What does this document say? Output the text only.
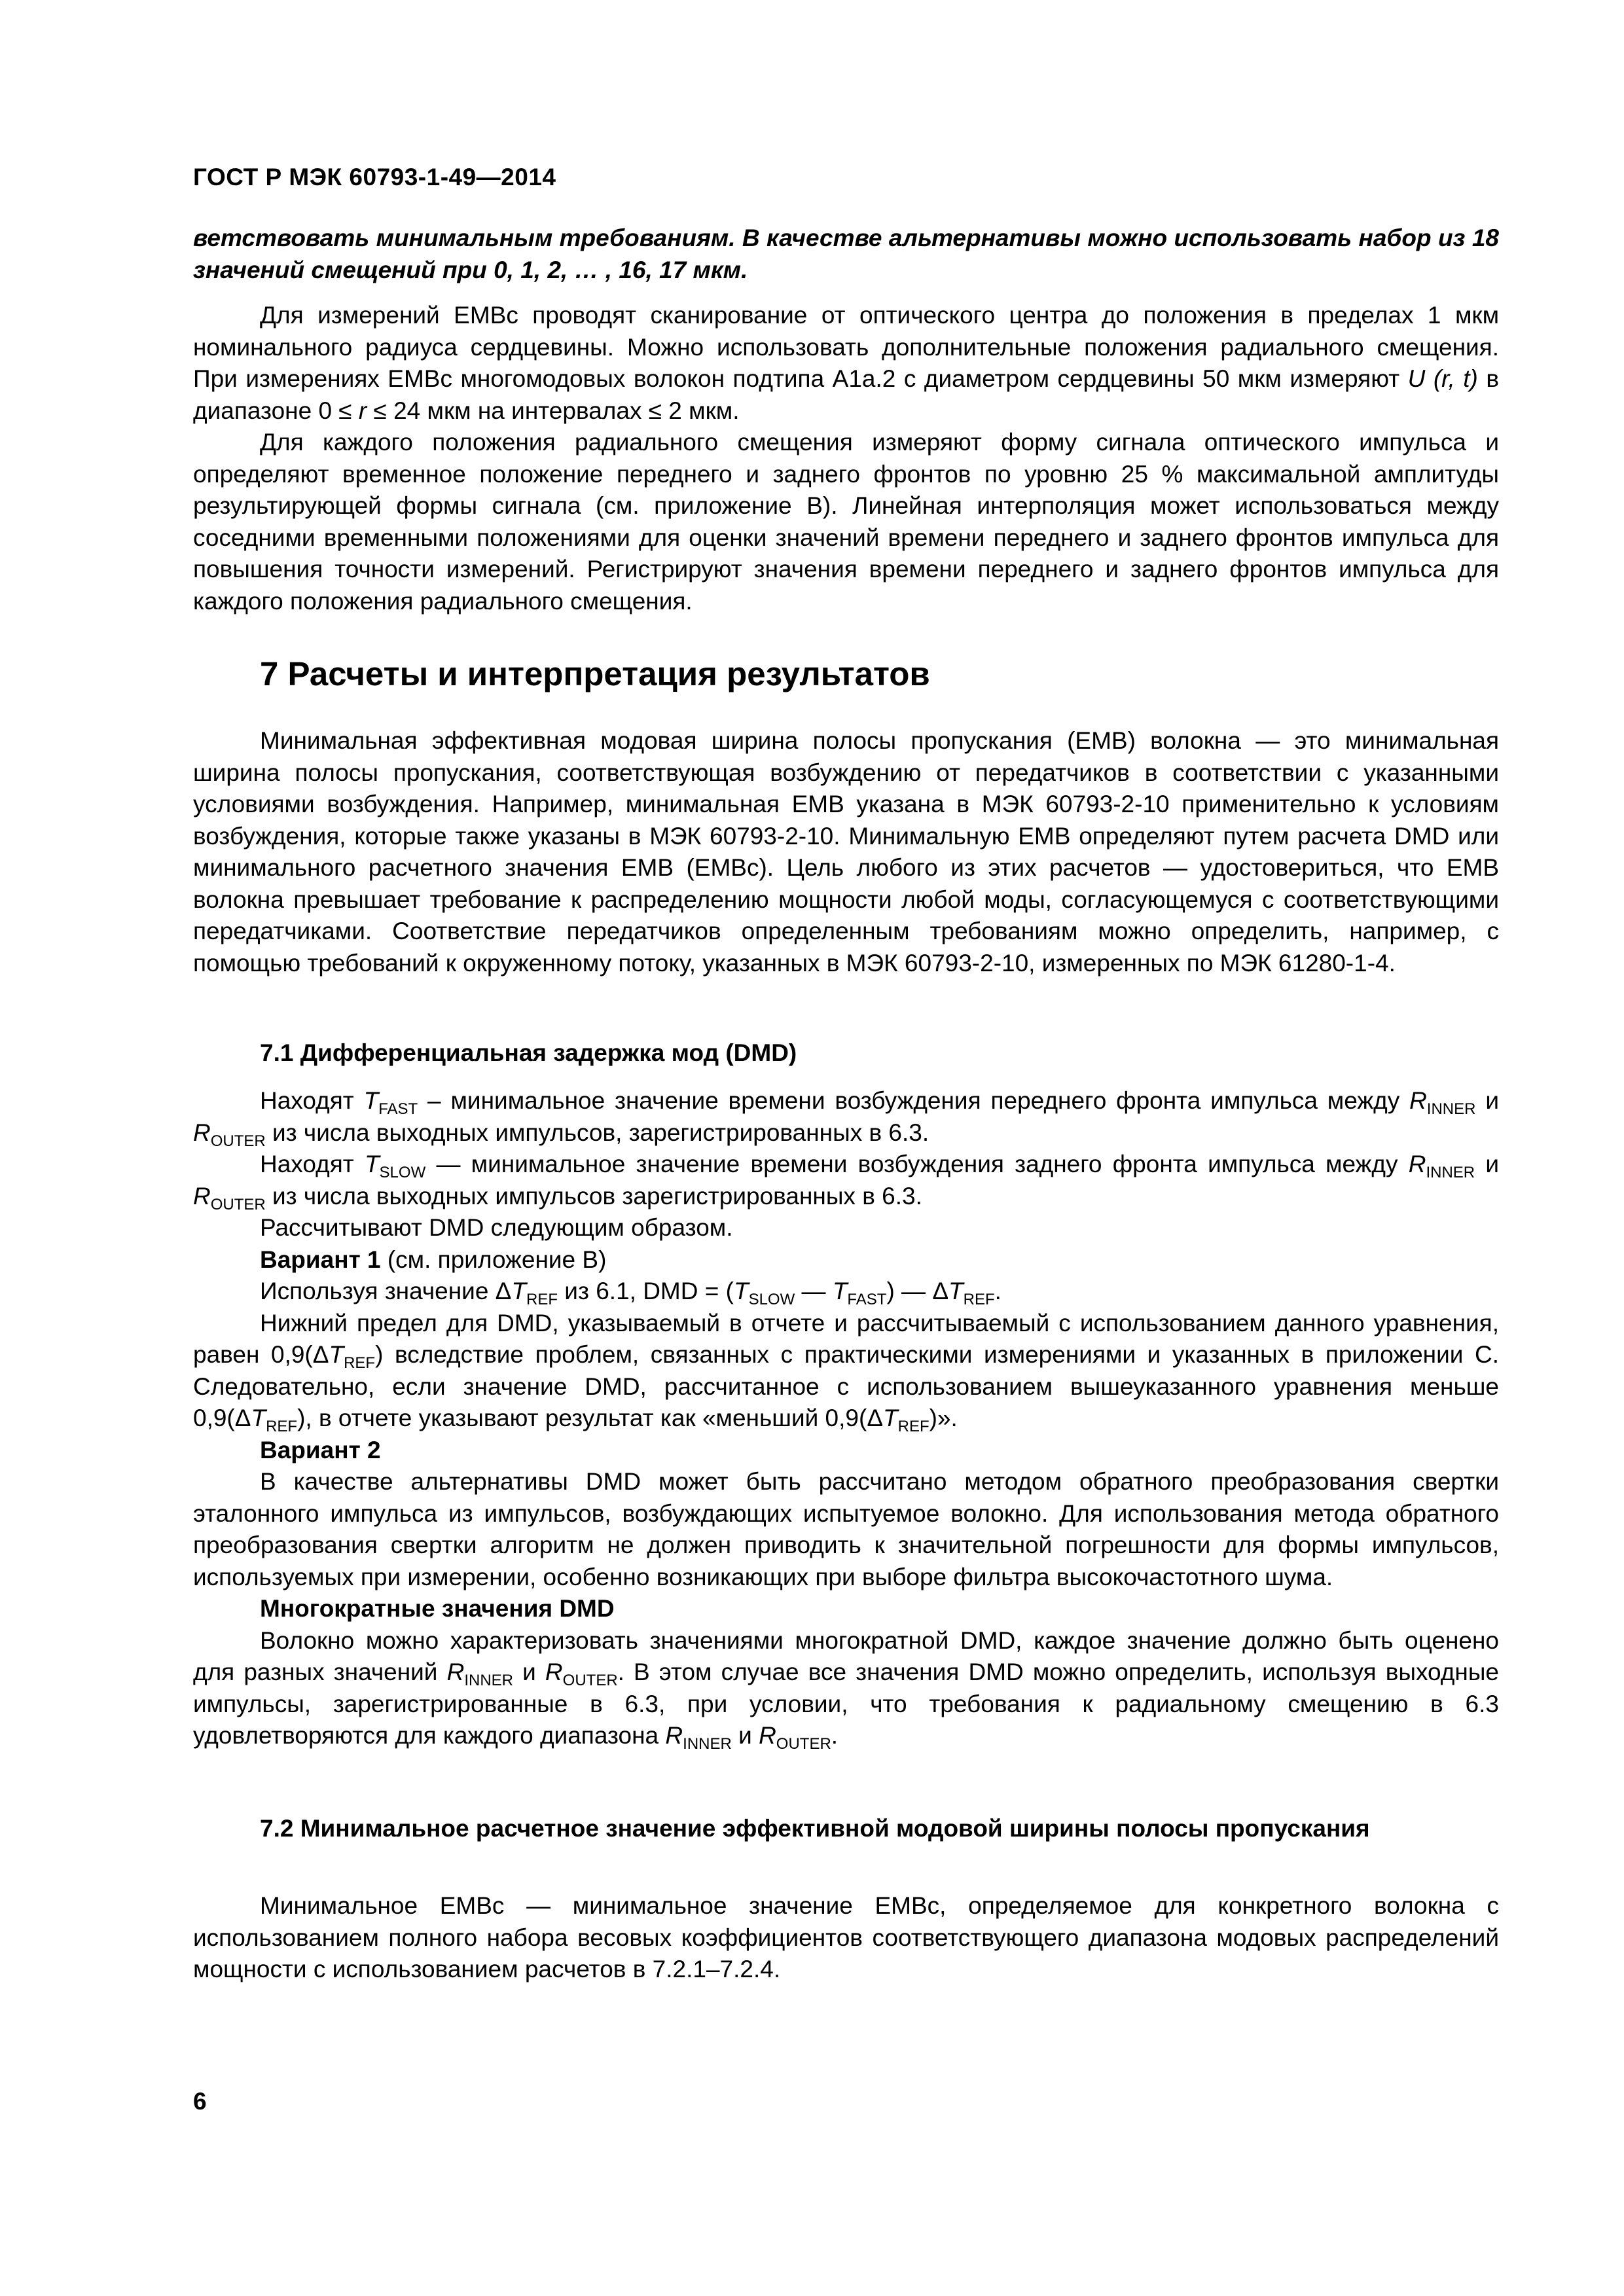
ГОСТ Р МЭК 60793-1-49—2014
ветствовать минимальным требованиям. В качестве альтернативы можно использовать набор из 18 значений смещений при 0, 1, 2, … , 16, 17 мкм.

Для измерений EMBc проводят сканирование от оптического центра до положения в пределах 1 мкм номинального радиуса сердцевины. Можно использовать дополнительные положения радиального смещения. При измерениях EMBc многомодовых волокон подтипа А1а.2 с диаметром сердцевины 50 мкм измеряют U (r, t) в диапазоне 0 ≤ r ≤ 24 мкм на интервалах ≤ 2 мкм.

Для каждого положения радиального смещения измеряют форму сигнала оптического импульса и определяют временное положение переднего и заднего фронтов по уровню 25 % максимальной амплитуды результирующей формы сигнала (см. приложение В). Линейная интерполяция может использоваться между соседними временными положениями для оценки значений времени переднего и заднего фронтов импульса для повышения точности измерений. Регистрируют значения времени переднего и заднего фронтов импульса для каждого положения радиального смещения.

7 Расчеты и интерпретация результатов
Минимальная эффективная модовая ширина полосы пропускания (EMB) волокна — это минимальная ширина полосы пропускания, соответствующая возбуждению от передатчиков в соответствии с указанными условиями возбуждения. Например, минимальная EMB указана в МЭК 60793-2-10 применительно к условиям возбуждения, которые также указаны в МЭК 60793-2-10. Минимальную EMB определяют путем расчета DMD или минимального расчетного значения EMB (EMBc). Цель любого из этих расчетов — удостовериться, что EMB волокна превышает требование к распределению мощности любой моды, согласующемуся с соответствующими передатчиками. Соответствие передатчиков определенным требованиям можно определить, например, с помощью требований к окруженному потоку, указанных в МЭК 60793-2-10, измеренных по МЭК 61280-1-4.
7.1 Дифференциальная задержка мод (DMD)

Находят $T_{FAST}$ – минимальное значение времени возбуждения переднего фронта импульса между $R_{INNER}$ и $R_{OUTER}$ из числа выходных импульсов, зарегистрированных в 6.3.

Находят $T_{SLOW}$ — минимальное значение времени возбуждения заднего фронта импульса между $R_{INNER}$ и $R_{OUTER}$ из числа выходных импульсов зарегистрированных в 6.3.

Рассчитывают DMD следующим образом.

Вариант 1 (см. приложение В)

Используя значение $\Delta T_{REF}$ из 6.1, DMD = ($T_{SLOW}$ — $T_{FAST}$) — $\Delta T_{REF}$.

Нижний предел для DMD, указываемый в отчете и рассчитываемый с использованием данного уравнения, равен $0,9(\Delta T_{REF})$ вследствие проблем, связанных с практическими измерениями и указанных в приложении С. Следовательно, если значение DMD, рассчитанное с использованием вышеуказанного уравнения меньше $0,9(\Delta T_{REF})$, в отчете указывают результат как «меньший $0,9(\Delta T_{REF})$».

Вариант 2

В качестве альтернативы DMD может быть рассчитано методом обратного преобразования свертки эталонного импульса из импульсов, возбуждающих испытуемое волокно. Для использования метода обратного преобразования свертки алгоритм не должен приводить к значительной погрешности для формы импульсов, используемых при измерении, особенно возникающих при выборе фильтра высокочастотного шума.

Многократные значения DMD

Волокно можно характеризовать значениями многократной DMD, каждое значение должно быть оценено для разных значений $R_{INNER}$ и $R_{OUTER}$. В этом случае все значения DMD можно определить, используя выходные импульсы, зарегистрированные в 6.3, при условии, что требования к радиальному смещению в 6.3 удовлетворяются для каждого диапазона $R_{INNER}$ и $R_{OUTER}$.

7.2 Минимальное расчетное значение эффективной модовой ширины полосы пропускания
Минимальное EMBc — минимальное значение EMBc, определяемое для конкретного волокна с использованием полного набора весовых коэффициентов соответствующего диапазона модовых распределений мощности с использованием расчетов в 7.2.1–7.2.4.
6
